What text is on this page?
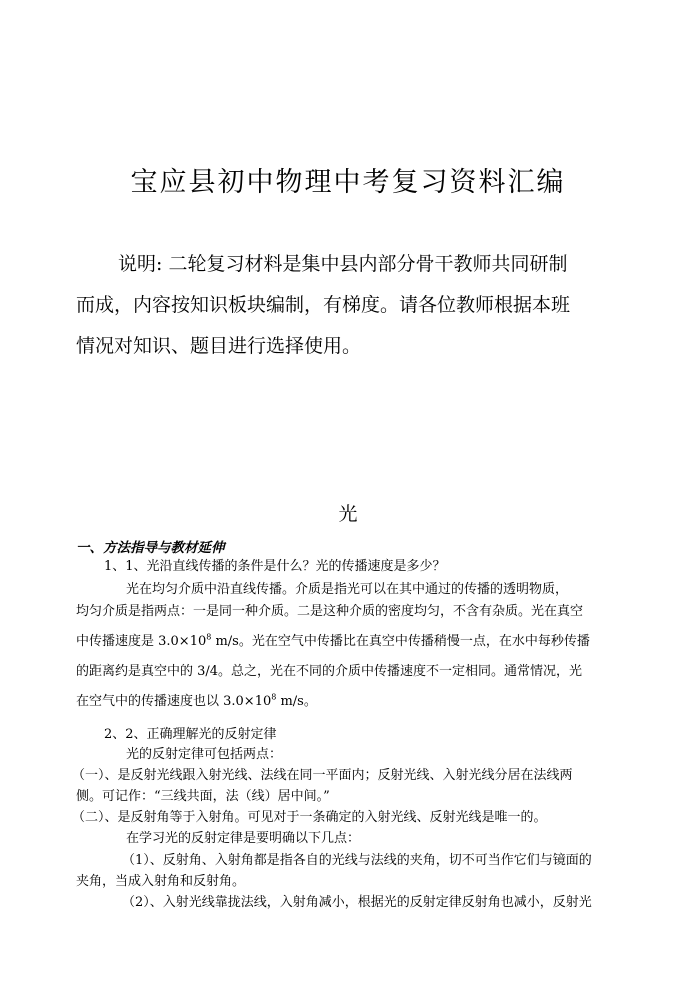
宝应县初中物理中考复习资料汇编
说明: 二轮复习材料是集中县内部分骨干教师共同研制
而成，内容按知识板块编制，有梯度。请各位教师根据本班
情况对知识、题目进行选择使用。
光
一、方法指导与教材延伸
1、1、光沿直线传播的条件是什么？光的传播速度是多少？
光在均匀介质中沿直线传播。介质是指光可以在其中通过的传播的透明物质，
均匀介质是指两点：一是同一种介质。二是这种介质的密度均匀，不含有杂质。光在真空
中传播速度是 $3.0\times 10^8$ m/s。光在空气中传播比在真空中传播稍慢一点，在水中每秒传播
的距离约是真空中的 3/4。总之，光在不同的介质中传播速度不一定相同。通常情况，光
在空气中的传播速度也以 $3.0\times 10^8$ m/s。
2、2、正确理解光的反射定律
光的反射定律可包括两点：
（一）、是反射光线跟入射光线、法线在同一平面内；反射光线、入射光线分居在法线两
侧。可记作：“三线共面，法（线）居中间。”
（二）、是反射角等于入射角。可见对于一条确定的入射光线、反射光线是唯一的。
在学习光的反射定律是要明确以下几点：
（1）、反射角、入射角都是指各自的光线与法线的夹角，切不可当作它们与镜面的
夹角，当成入射角和反射角。
（2）、入射光线靠拢法线，入射角减小，根据光的反射定律反射角也减小，反射光
